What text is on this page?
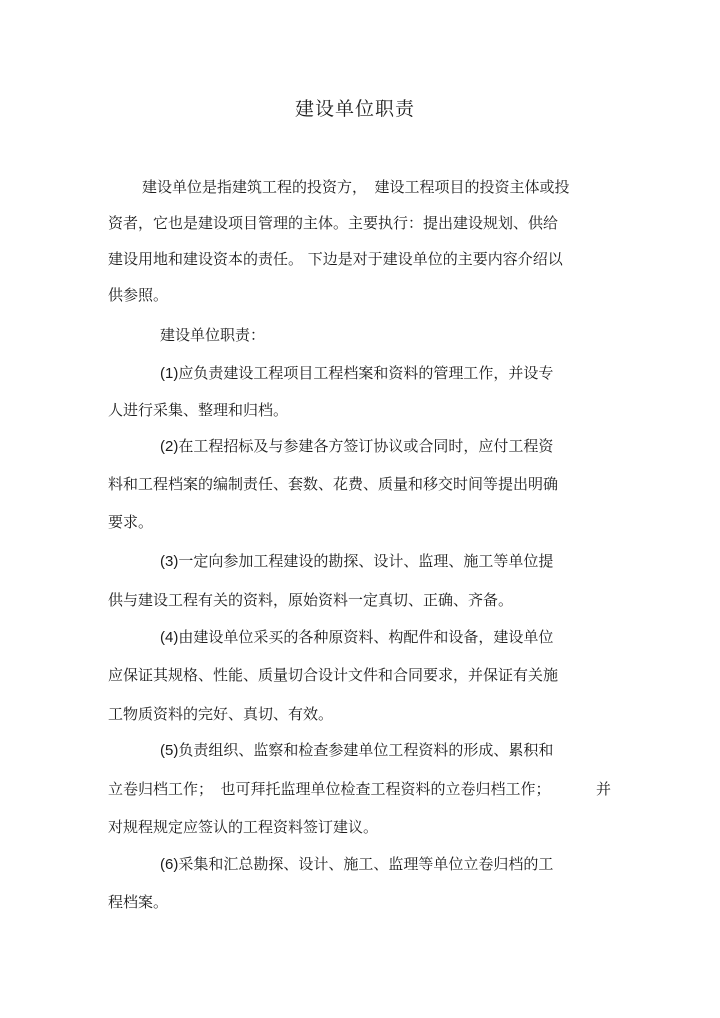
建设单位职责
建设单位是指建筑工程的投资方，　建设工程项目的投资主体或投
资者，它也是建设项目管理的主体。主要执行：提出建设规划、供给
建设用地和建设资本的责任。 下边是对于建设单位的主要内容介绍以
供参照。
建设单位职责：
(1)应负责建设工程项目工程档案和资料的管理工作，并设专
人进行采集、整理和归档。
(2)在工程招标及与参建各方签订协议或合同时，应付工程资
料和工程档案的编制责任、套数、花费、质量和移交时间等提出明确
要求。
(3)一定向参加工程建设的勘探、设计、监理、施工等单位提
供与建设工程有关的资料，原始资料一定真切、正确、齐备。
(4)由建设单位采买的各种原资料、构配件和设备，建设单位
应保证其规格、性能、质量切合设计文件和合同要求，并保证有关施
工物质资料的完好、真切、有效。
(5)负责组织、监察和检查参建单位工程资料的形成、累积和
立卷归档工作；　也可拜托监理单位检查工程资料的立卷归档工作；	并
对规程规定应签认的工程资料签订建议。
(6)采集和汇总勘探、设计、施工、监理等单位立卷归档的工
程档案。
